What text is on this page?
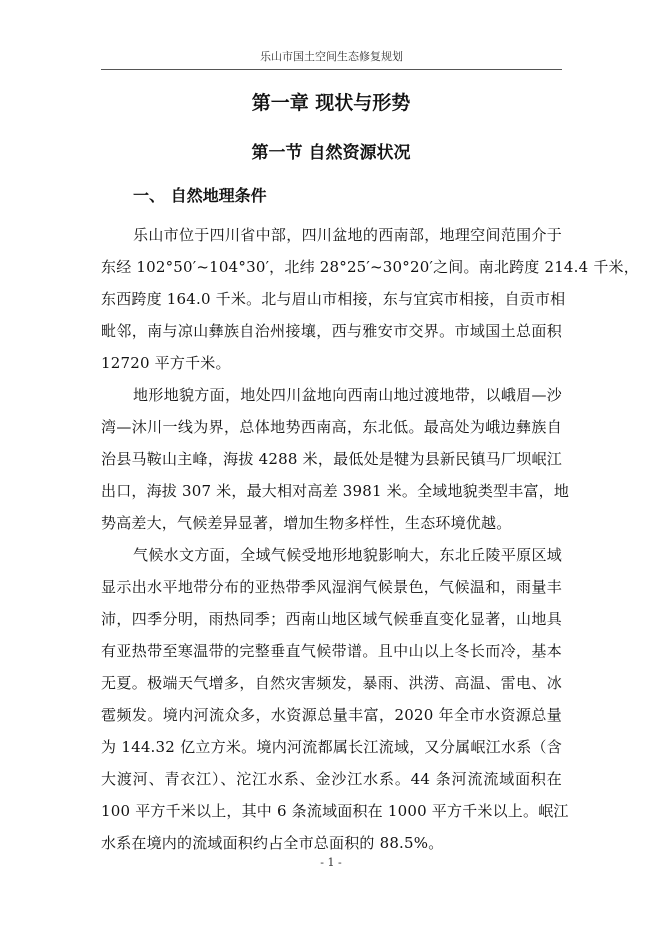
乐山市国土空间生态修复规划
第一章 现状与形势
第一节 自然资源状况
一、 自然地理条件
乐山市位于四川省中部，四川盆地的西南部，地理空间范围介于
东经 102°50′~104°30′，北纬 28°25′~30°20′之间。南北跨度 214.4 千米，
东西跨度 164.0 千米。北与眉山市相接，东与宜宾市相接，自贡市相
毗邻，南与凉山彝族自治州接壤，西与雅安市交界。市域国土总面积
12720 平方千米。
地形地貌方面，地处四川盆地向西南山地过渡地带，以峨眉—沙
湾—沐川一线为界，总体地势西南高，东北低。最高处为峨边彝族自
治县马鞍山主峰，海拔 4288 米，最低处是犍为县新民镇马厂坝岷江
出口，海拔 307 米，最大相对高差 3981 米。全域地貌类型丰富，地
势高差大，气候差异显著，增加生物多样性，生态环境优越。
气候水文方面，全域气候受地形地貌影响大，东北丘陵平原区域
显示出水平地带分布的亚热带季风湿润气候景色，气候温和，雨量丰
沛，四季分明，雨热同季；西南山地区域气候垂直变化显著，山地具
有亚热带至寒温带的完整垂直气候带谱。且中山以上冬长而冷，基本
无夏。极端天气增多，自然灾害频发，暴雨、洪涝、高温、雷电、冰
雹频发。境内河流众多，水资源总量丰富，2020 年全市水资源总量
为 144.32 亿立方米。境内河流都属长江流域，又分属岷江水系（含
大渡河、青衣江）、沱江水系、金沙江水系。44 条河流流域面积在
100 平方千米以上，其中 6 条流域面积在 1000 平方千米以上。岷江
水系在境内的流域面积约占全市总面积的 88.5%。
- 1 -
